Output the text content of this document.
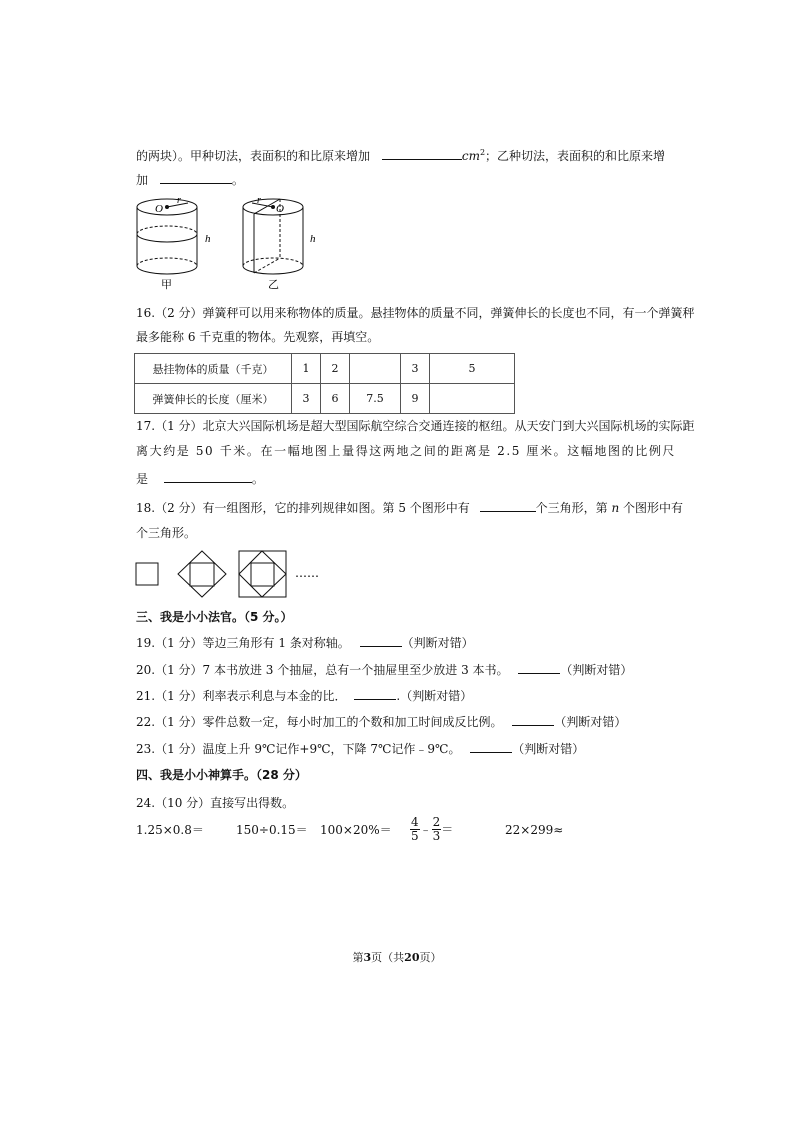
的两块）。甲种切法，表面积的和比原来增加	$cm^2$；乙种切法，表面积的和比原来增
加	。
O
r
h
甲
O
r
h
乙
16.（2 分）弹簧秤可以用来称物体的质量。悬挂物体的质量不同，弹簧伸长的长度也不同，有一个弹簧秤
最多能称 6 千克重的物体。先观察，再填空。
悬挂物体的质量（千克）	1	2		3	5
弹簧伸长的长度（厘米）	3	6	7.5	9	
17.（1 分）北京大兴国际机场是超大型国际航空综合交通连接的枢纽。从天安门到大兴国际机场的实际距
离大约是 50 千米。在一幅地图上量得这两地之间的距离是 2.5 厘米。这幅地图的比例尺
是	。
18.（2 分）有一组图形，它的排列规律如图。第 5 个图形中有	个三角形，第 n 个图形中有
个三角形。
……
三、我是小小法官。（5 分。）
19.（1 分）等边三角形有 1 条对称轴。	（判断对错）
20.（1 分）7 本书放进 3 个抽屉，总有一个抽屉里至少放进 3 本书。	（判断对错）
21.（1 分）利率表示利息与本金的比．	.（判断对错）
22.（1 分）零件总数一定，每小时加工的个数和加工时间成反比例。	（判断对错）
23.（1 分）温度上升 9℃记作+9℃，下降 7℃记作﹣9℃。	（判断对错）
四、我是小小神算手。（28 分）
24.（10 分）直接写出得数。
1.25×0.8＝	$150\div 0.15= 100\times 20\%= \frac{4}{5}$ ﹣ $\frac{2}{3}$ ＝	22×299≈
第3页（共20页）
